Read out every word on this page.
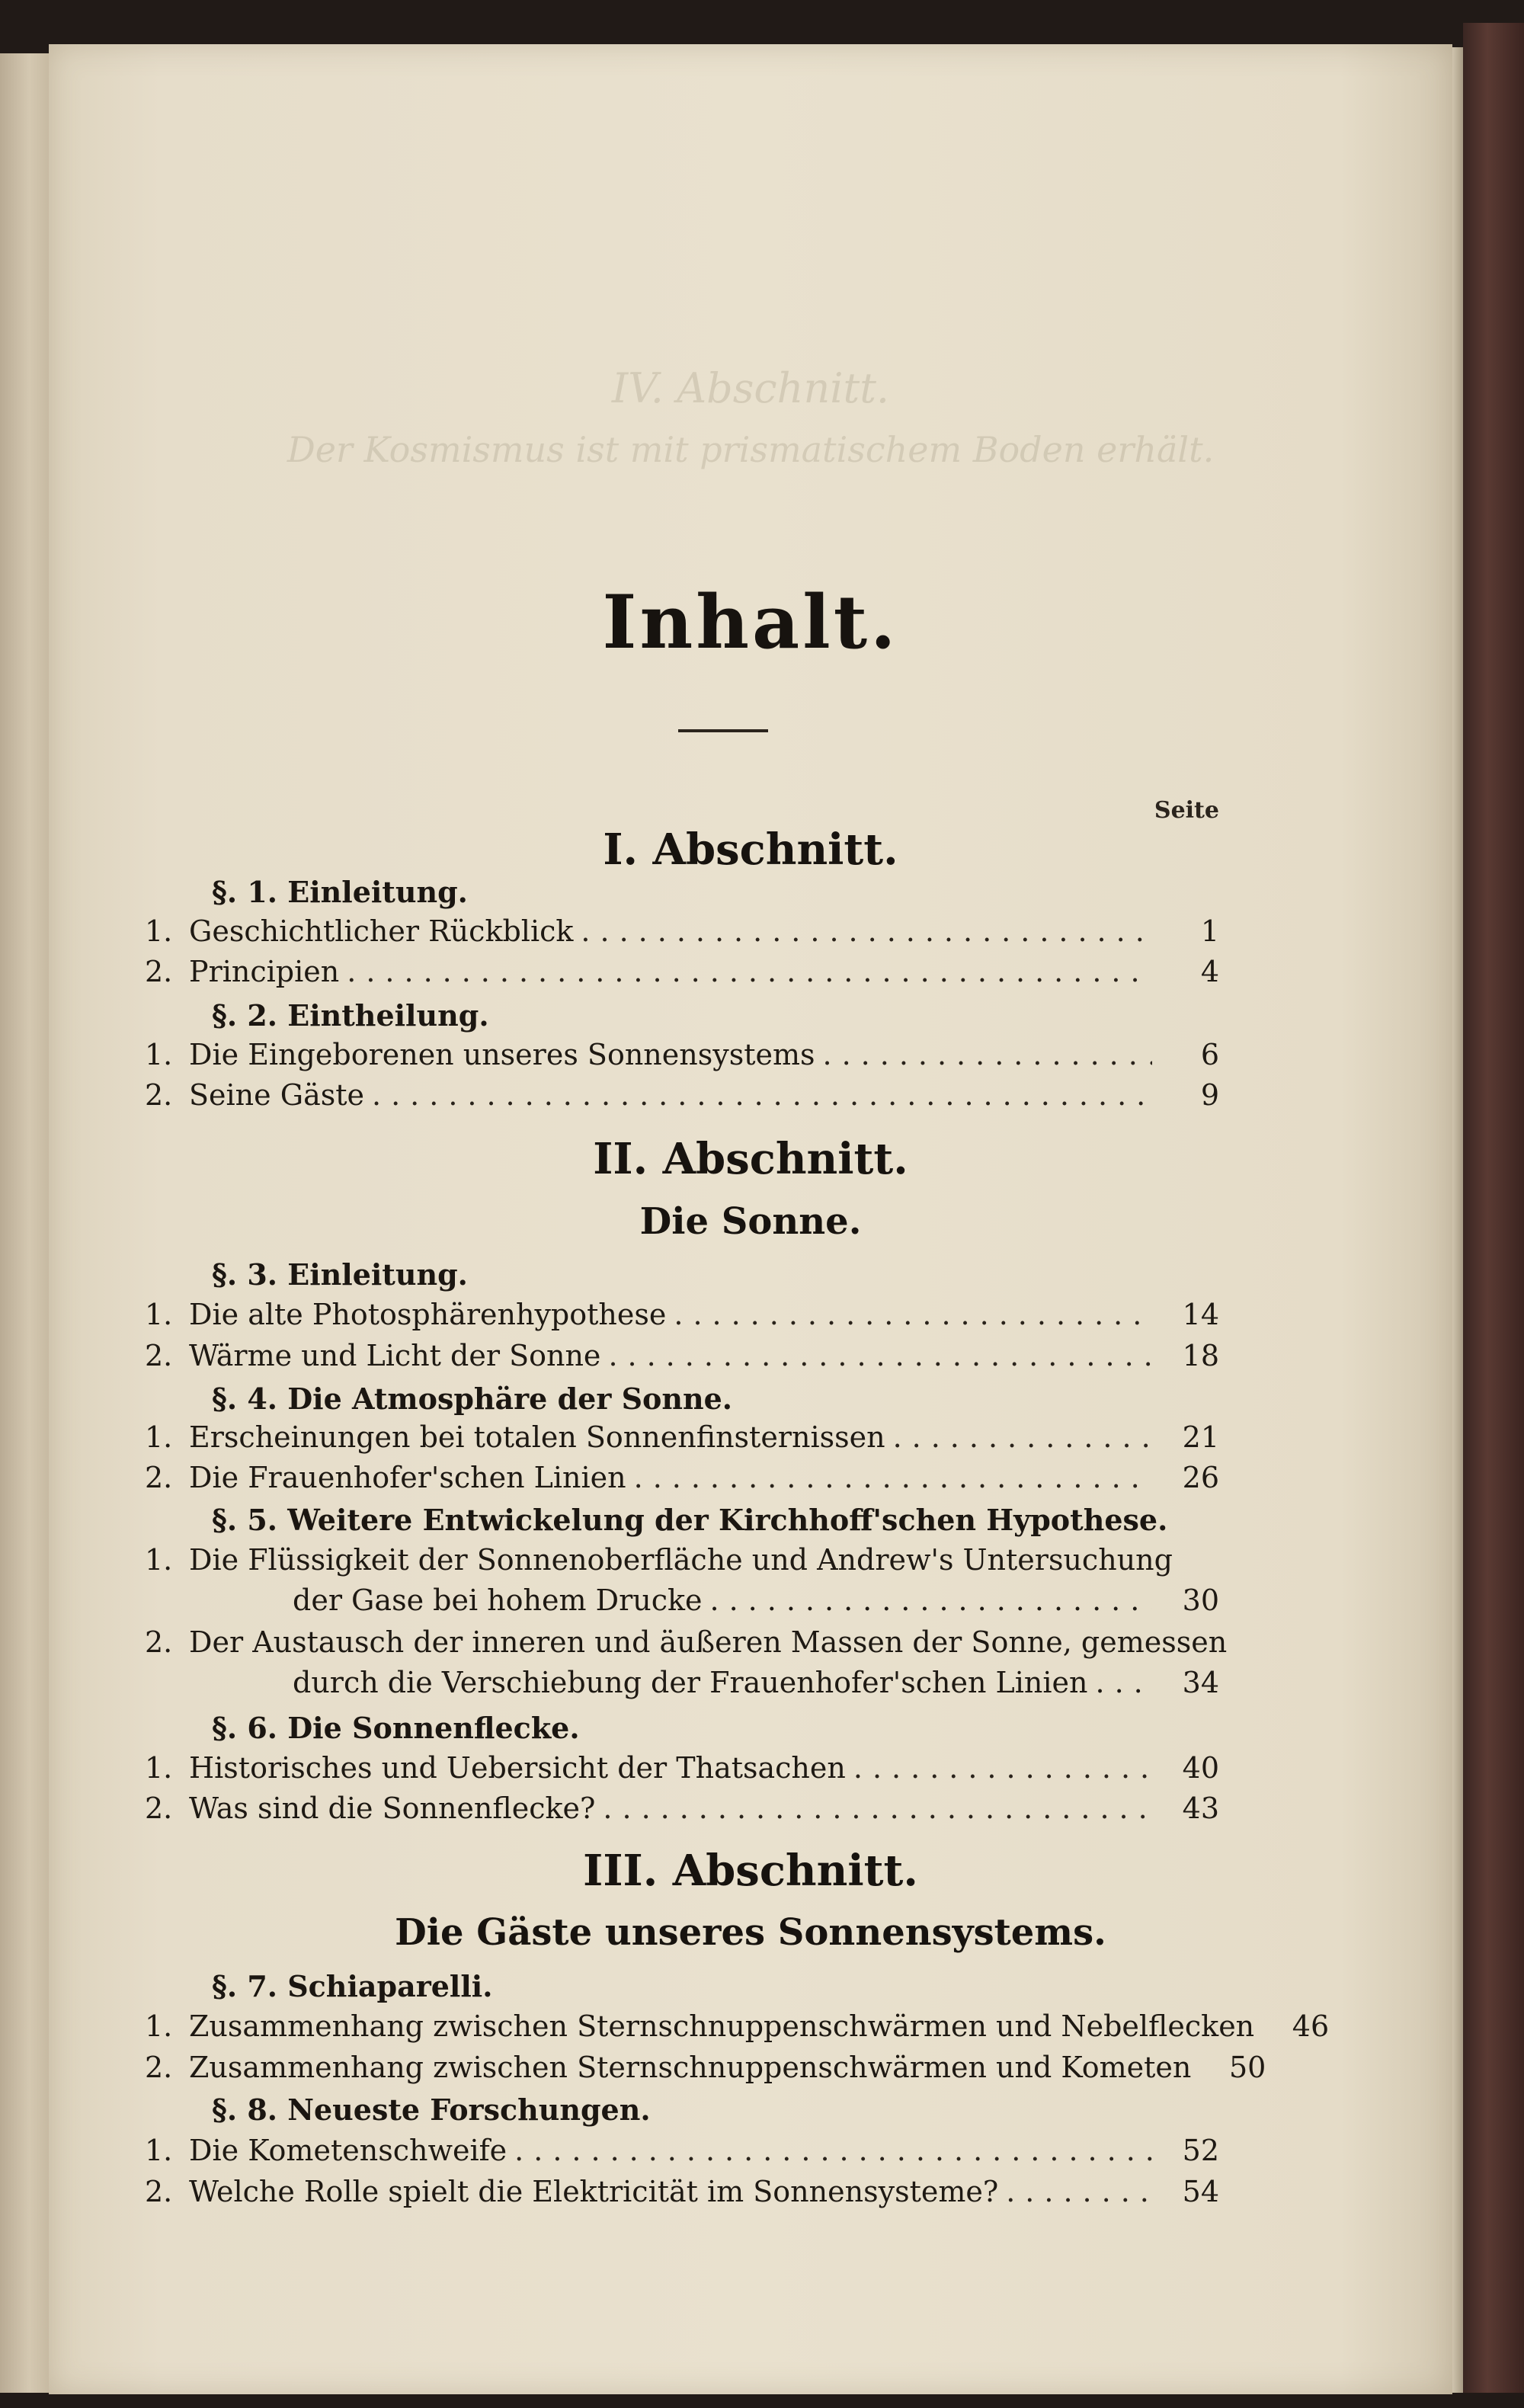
IV. Abschnitt.
Der Kosmismus ist mit prismatischem Boden erhält.
Inhalt.
Seite
I. Abschnitt.
§. 1. Einleitung.
1. Geschichtlicher Rückblick .....	1
2. Principien .....	4
§. 2. Eintheilung.
1. Die Eingeborenen unseres Sonnensystems .....	6
2. Seine Gäste .....	9
II. Abschnitt.
Die Sonne.
§. 3. Einleitung.
1. Die alte Photosphärenhypothese .....	14
2. Wärme und Licht der Sonne .....	18
§. 4. Die Atmosphäre der Sonne.
1. Erscheinungen bei totalen Sonnenfinsternissen .....	21
2. Die Frauenhofer'schen Linien .....	26
§. 5. Weitere Entwickelung der Kirchhoff'schen Hypothese.
1. Die Flüssigkeit der Sonnenoberfläche und Andrew's Untersuchung
der Gase bei hohem Drucke .....	30
2. Der Austausch der inneren und äußeren Massen der Sonne, gemessen
durch die Verschiebung der Frauenhofer'schen Linien .....	34
§. 6. Die Sonnenflecke.
1. Historisches und Uebersicht der Thatsachen .....	40
2. Was sind die Sonnenflecke? .....	43
III. Abschnitt.
Die Gäste unseres Sonnensystems.
§. 7. Schiaparelli.
1. Zusammenhang zwischen Sternschnuppenschwärmen und Nebelflecken	46
2. Zusammenhang zwischen Sternschnuppenschwärmen und Kometen	50
§. 8. Neueste Forschungen.
1. Die Kometenschweife .....	52
2. Welche Rolle spielt die Elektricität im Sonnensysteme? .....	54
